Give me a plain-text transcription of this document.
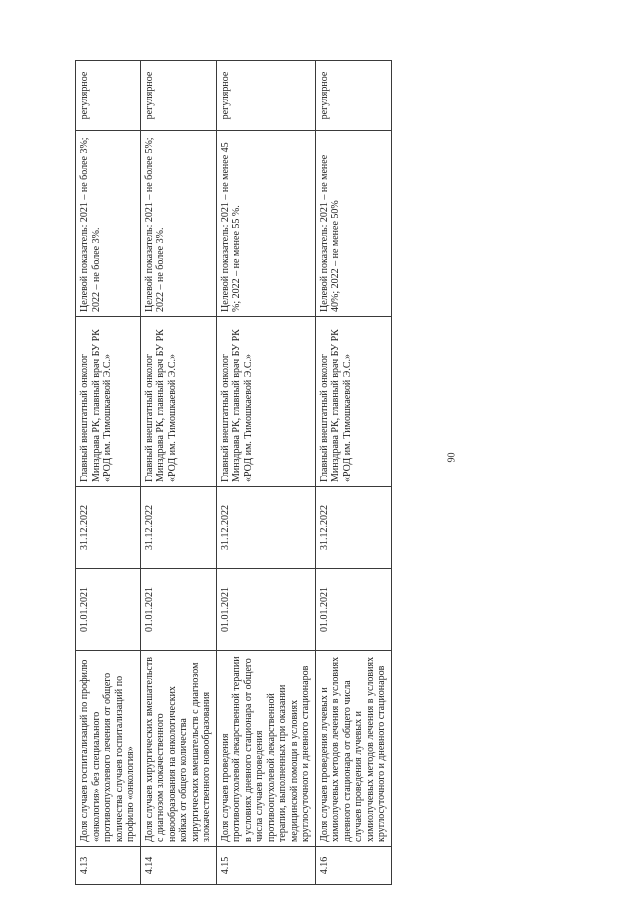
4.13	Доля случаев госпитализаций по профилю «онкология» без специального противоопухолевого лечения от общего количества случаев госпитализаций по профилю «онкология»	01.01.2021	31.12.2022	Главный внештатный онколог Минздрава РК, главный врач БУ РК «РОД им. Тимошкаевой Э.С.»	Целевой показатель: 2021 – не более 3%; 2022 – не более 3%.	регулярное
4.14	Доля случаев хирургических вмешательств с диагнозом злокачественного новообразования на онкологических койках от общего количества хирургических вмешательств с диагнозом злокачественного новообразования	01.01.2021	31.12.2022	Главный внештатный онколог Минздрава РК, главный врач БУ РК «РОД им. Тимошкаевой Э.С.»	Целевой показатель: 2021 – не более 5%; 2022 – не более 3%.	регулярное
4.15	Доля случаев проведения противоопухолевой лекарственной терапии в условиях дневного стационара от общего числа случаев проведения противоопухолевой лекарственной терапии, выполненных при оказании медицинской помощи в условиях круглосуточного и дневного стационаров	01.01.2021	31.12.2022	Главный внештатный онколог Минздрава РК, главный врач БУ РК «РОД им. Тимошкаевой Э.С.»	Целевой показатель: 2021 – не менее 45 %; 2022 – не менее 55 %.	регулярное
4.16	Доля случаев проведения лучевых и химиолучевых методов лечения в условиях дневного стационара от общего числа случаев проведения лучевых и химиолучевых методов лечения в условиях круглосуточного и дневного стационаров	01.01.2021	31.12.2022	Главный внештатный онколог Минздрава РК, главный врач БУ РК «РОД им. Тимошкаевой Э.С.»	Целевой показатель: 2021 – не менее 40%; 2022 – не менее 50%	регулярное
90
